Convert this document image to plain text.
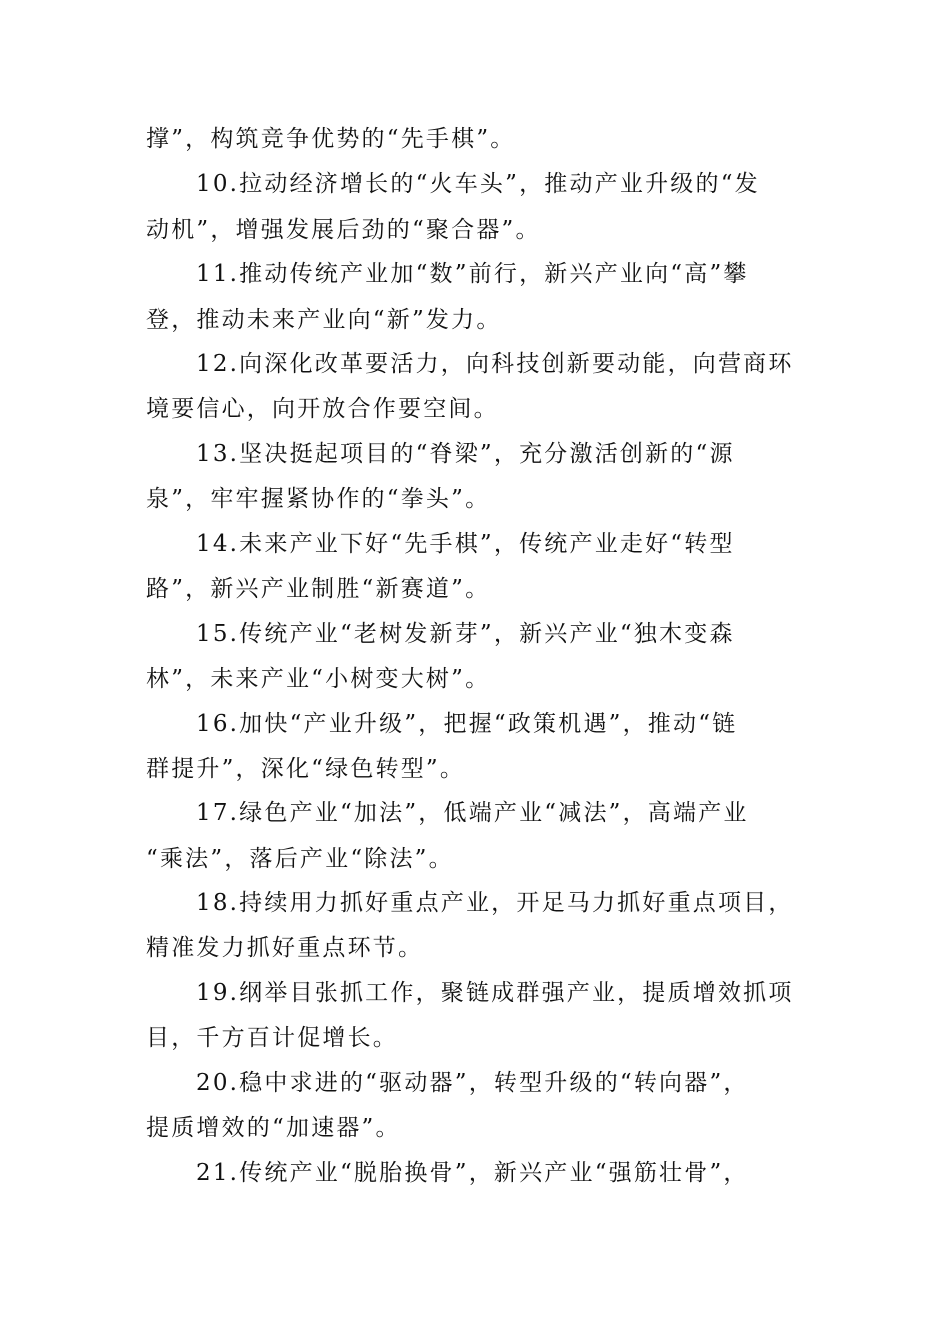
撑”，构筑竞争优势的“先手棋”。
10.拉动经济增长的“火车头”，推动产业升级的“发
动机”，增强发展后劲的“聚合器”。
11.推动传统产业加“数”前行，新兴产业向“高”攀
登，推动未来产业向“新”发力。
12.向深化改革要活力，向科技创新要动能，向营商环
境要信心，向开放合作要空间。
13.坚决挺起项目的“脊梁”，充分激活创新的“源
泉”，牢牢握紧协作的“拳头”。
14.未来产业下好“先手棋”，传统产业走好“转型
路”，新兴产业制胜“新赛道”。
15.传统产业“老树发新芽”，新兴产业“独木变森
林”，未来产业“小树变大树”。
16.加快“产业升级”，把握“政策机遇”，推动“链
群提升”，深化“绿色转型”。
17.绿色产业“加法”，低端产业“减法”，高端产业
“乘法”，落后产业“除法”。
18.持续用力抓好重点产业，开足马力抓好重点项目，
精准发力抓好重点环节。
19.纲举目张抓工作，聚链成群强产业，提质增效抓项
目，千方百计促增长。
20.稳中求进的“驱动器”，转型升级的“转向器”，
提质增效的“加速器”。
21.传统产业“脱胎换骨”，新兴产业“强筋壮骨”，
